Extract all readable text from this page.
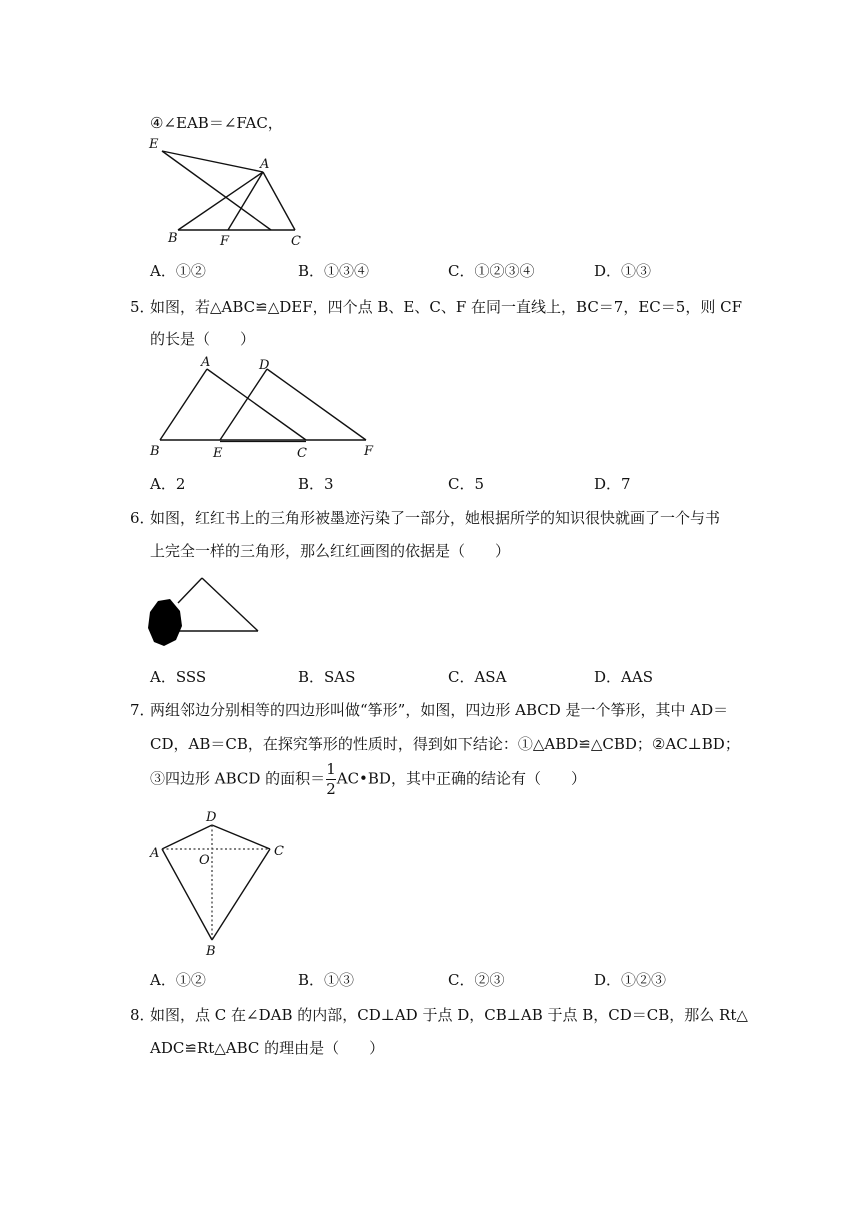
④∠EAB＝∠FAC，
E
A
B	F	C
A．①②	B．①③④	C．①②③④	D．①③
5．
如图，若△ABC≌△DEF，四个点 B、E、C、F 在同一直线上，BC＝7，EC＝5，则 CF
的长是（　　）
A	D
B	E	C	F
A．2	B．3	C．5	D．7
6．
如图，红红书上的三角形被墨迹污染了一部分，她根据所学的知识很快就画了一个与书
上完全一样的三角形，那么红红画图的依据是（　　）
A．SSS	B．SAS	C．ASA	D．AAS
7．
两组邻边分别相等的四边形叫做“筝形”，如图，四边形 ABCD 是一个筝形，其中 AD＝
CD，AB＝CB，在探究筝形的性质时，得到如下结论：①△ABD≌△CBD；②AC⊥BD；
③四边形 ABCD 的面积＝ $\frac{1}{2}$ AC•BD，其中正确的结论有（　　）
D
A	O
C
B
A．①②	B．①③	C．②③	D．①②③
8．
如图，点 C 在∠DAB 的内部，CD⊥AD 于点 D，CB⊥AB 于点 B，CD＝CB，那么 Rt△
ADC≌Rt△ABC 的理由是（　　）
